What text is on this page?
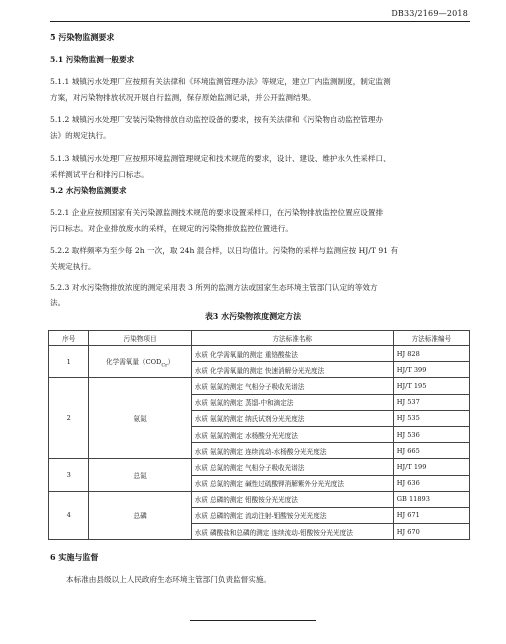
DB33/2169—2018
5 污染物监测要求
5.1 污染物监测一般要求
5.1.1 城镇污水处理厂应按照有关法律和《环境监测管理办法》等规定，建立厂内监测制度，制定监测
方案，对污染物排放状况开展自行监测，保存原始监测记录，并公开监测结果。
5.1.2 城镇污水处理厂安装污染物排放自动监控设备的要求，按有关法律和《污染物自动监控管理办
法》的规定执行。
5.1.3 城镇污水处理厂应按照环境监测管理规定和技术规范的要求，设计、建设、维护永久性采样口、
采样测试平台和排污口标志。
5.2 水污染物监测要求
5.2.1 企业应按照国家有关污染源监测技术规范的要求设置采样口，在污染物排放监控位置应设置排
污口标志。对企业排放废水的采样，在规定的污染物排放监控位置进行。
5.2.2 取样频率为至少每 2h 一次，取 24h 混合样，以日均值计。污染物的采样与监测应按 HJ/T 91 有
关规定执行。
5.2.3 对水污染物排放浓度的测定采用表 3 所列的监测方法或国家生态环境主管部门认定的等效方
法。
表3 水污染物浓度测定方法
序号	污染物项目	方法标准名称	方法标准编号
1	化学需氧量$(COD_{Cr})$	水质 化学需氧量的测定 重铬酸盐法	HJ 828
		水质 化学需氧量的测定 快速消解分光光度法	HJ/T 399
2	氨氮	水质 氨氮的测定 气相分子吸收光谱法	HJ/T 195
		水质 氨氮的测定 蒸馏-中和滴定法	HJ 537
		水质 氨氮的测定 纳氏试剂分光光度法	HJ 535
		水质 氨氮的测定 水杨酸分光光度法	HJ 536
		水质 氨氮的测定 连续流动-水杨酸分光光度法	HJ 665
3	总氮	水质 总氮的测定 气相分子吸收光谱法	HJ/T 199
		水质 总氮的测定 碱性过硫酸钾消解紫外分光光度法	HJ 636
4	总磷	水质 总磷的测定 钼酸铵分光光度法	GB 11893
		水质 总磷的测定 流动注射-钼酸铵分光光度法	HJ 671
		水质 磷酸盐和总磷的测定 连续流动-钼酸铵分光光度法	HJ 670
6 实施与监督
本标准由县级以上人民政府生态环境主管部门负责监督实施。
